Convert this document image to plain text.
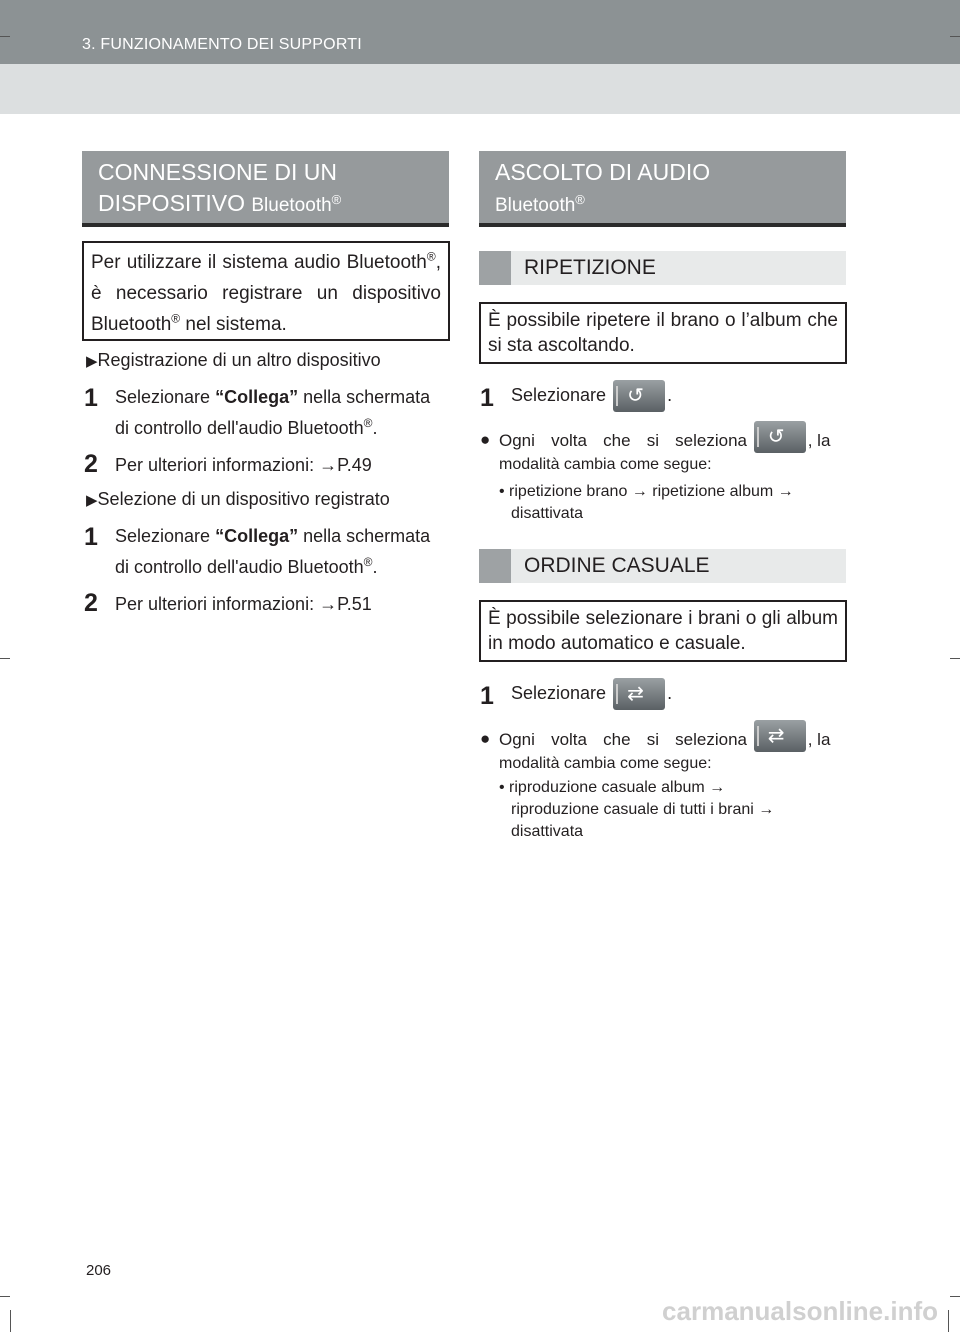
3. FUNZIONAMENTO DEI SUPPORTI
CONNESSIONE DI UN
DISPOSITIVO Bluetooth®
Per utilizzare il sistema audio Bluetooth®, è necessario registrare un dispositivo Bluetooth® nel sistema.
▶Registrazione di un altro dispositivo
1 Selezionare “Collega” nella schermata
di controllo dell'audio Bluetooth®.
2 Per ulteriori informazioni: →P.49
▶Selezione di un dispositivo registrato
1 Selezionare “Collega” nella schermata
di controllo dell'audio Bluetooth®.
2 Per ulteriori informazioni: →P.51
ASCOLTO DI AUDIO
Bluetooth®
RIPETIZIONE
È possibile ripetere il brano o l’album che si sta ascoltando.
1 Selezionare ↺ .
● Ogni volta che si seleziona ↺ , la
modalità cambia come segue:
• ripetizione brano → ripetizione album →
disattivata
ORDINE CASUALE
È possibile selezionare i brani o gli album in modo automatico e casuale.
1 Selezionare ⇄ .
● Ogni volta che si seleziona ⇄ , la
modalità cambia come segue:
• riproduzione casuale album →
riproduzione casuale di tutti i brani →
disattivata
206
carmanualsonline.info
